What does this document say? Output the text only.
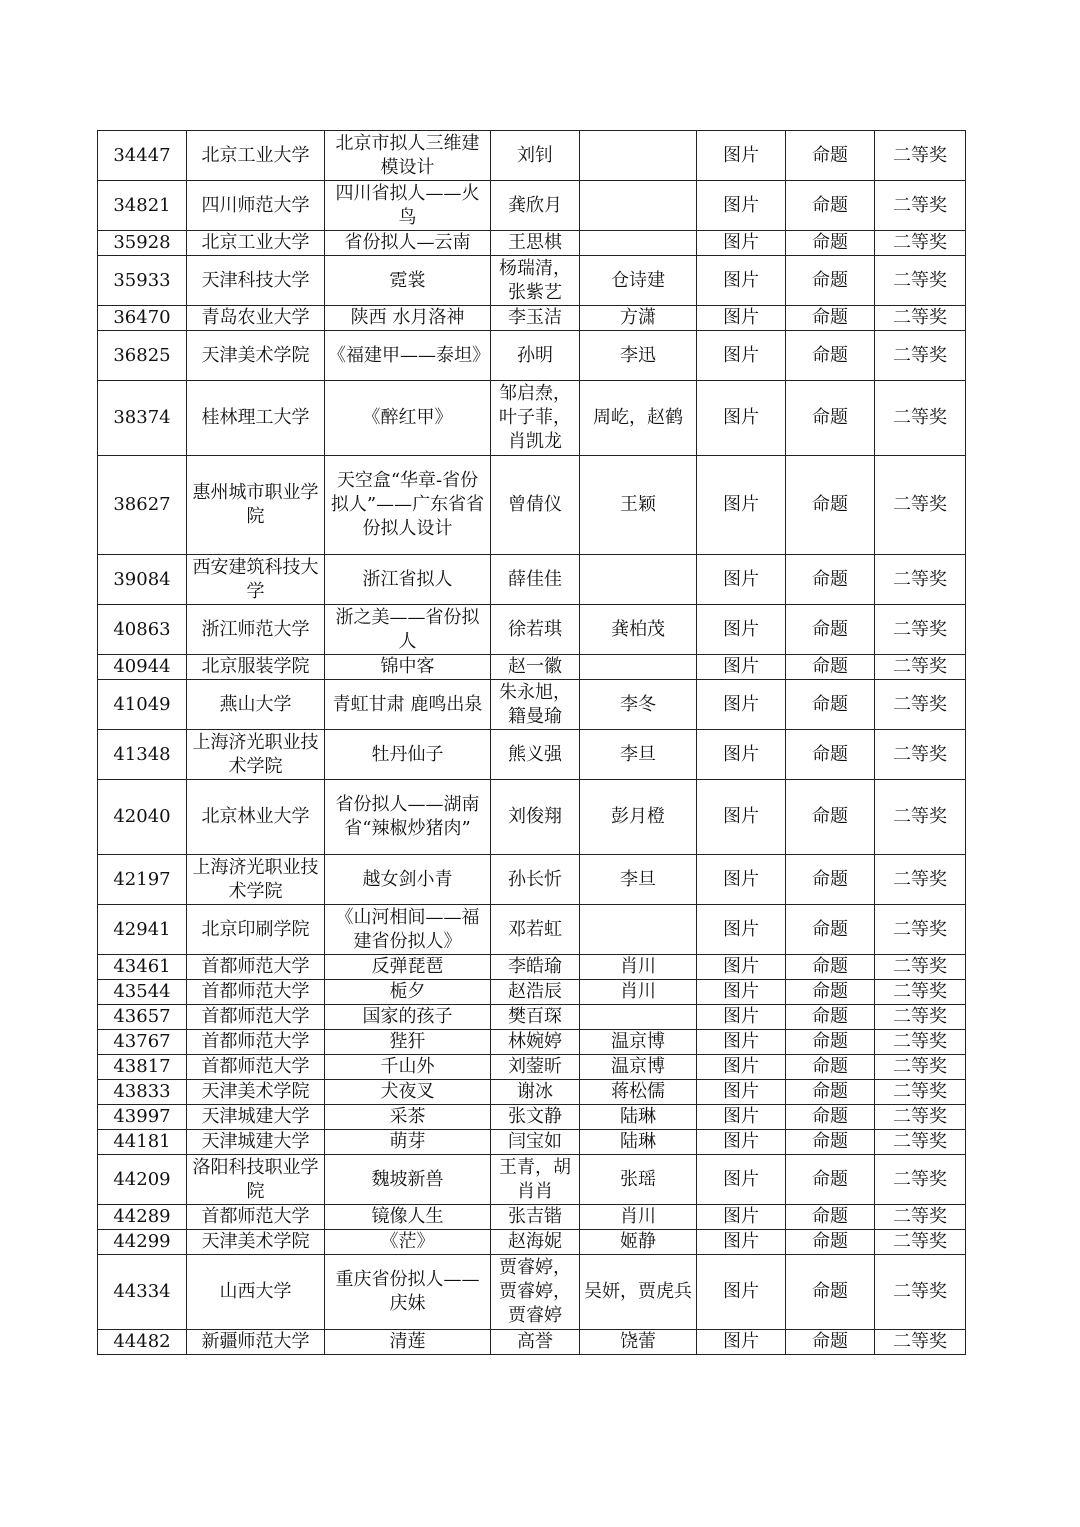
34447	北京工业大学	北京市拟人三维建模设计	刘钊		图片	命题	二等奖
34821	四川师范大学	四川省拟人——火鸟	龚欣月		图片	命题	二等奖
35928	北京工业大学	省份拟人—云南	王思棋		图片	命题	二等奖
35933	天津科技大学	霓裳	杨瑞清，张紫艺	仓诗建	图片	命题	二等奖
36470	青岛农业大学	陕西 水月洛神	李玉洁	方潇	图片	命题	二等奖
36825	天津美术学院	《福建甲——泰坦》	孙明	李迅	图片	命题	二等奖
38374	桂林理工大学	《醉红甲》	邹启焘，叶子菲，肖凯龙	周屹，赵鹤	图片	命题	二等奖
38627	惠州城市职业学院	天空盒“华章-省份拟人”——广东省省份拟人设计	曾倩仪	王颖	图片	命题	二等奖
39084	西安建筑科技大学	浙江省拟人	薛佳佳		图片	命题	二等奖
40863	浙江师范大学	浙之美——省份拟人	徐若琪	龚柏茂	图片	命题	二等奖
40944	北京服装学院	锦中客	赵一徽		图片	命题	二等奖
41049	燕山大学	青虹甘肃 鹿鸣出泉	朱永旭，籍曼瑜	李冬	图片	命题	二等奖
41348	上海济光职业技术学院	牡丹仙子	熊义强	李旦	图片	命题	二等奖
42040	北京林业大学	省份拟人——湖南省“辣椒炒猪肉”	刘俊翔	彭月橙	图片	命题	二等奖
42197	上海济光职业技术学院	越女剑小青	孙长忻	李旦	图片	命题	二等奖
42941	北京印刷学院	《山河相间——福建省份拟人》	邓若虹		图片	命题	二等奖
43461	首都师范大学	反弹琵琶	李皓瑜	肖川	图片	命题	二等奖
43544	首都师范大学	栀夕	赵浩辰	肖川	图片	命题	二等奖
43657	首都师范大学	国家的孩子	樊百琛		图片	命题	二等奖
43767	首都师范大学	狴犴	林婉婷	温京博	图片	命题	二等奖
43817	首都师范大学	千山外	刘蓥昕	温京博	图片	命题	二等奖
43833	天津美术学院	犬夜叉	谢冰	蒋松儒	图片	命题	二等奖
43997	天津城建大学	采茶	张文静	陆琳	图片	命题	二等奖
44181	天津城建大学	萌芽	闫宝如	陆琳	图片	命题	二等奖
44209	洛阳科技职业学院	魏坡新兽	王青，胡肖肖	张瑶	图片	命题	二等奖
44289	首都师范大学	镜像人生	张吉锴	肖川	图片	命题	二等奖
44299	天津美术学院	《茫》	赵海妮	姬静	图片	命题	二等奖
44334	山西大学	重庆省份拟人——庆妹	贾睿婷，贾睿婷，贾睿婷	吴妍，贾虎兵	图片	命题	二等奖
44482	新疆师范大学	清莲	高誉	饶蕾	图片	命题	二等奖
